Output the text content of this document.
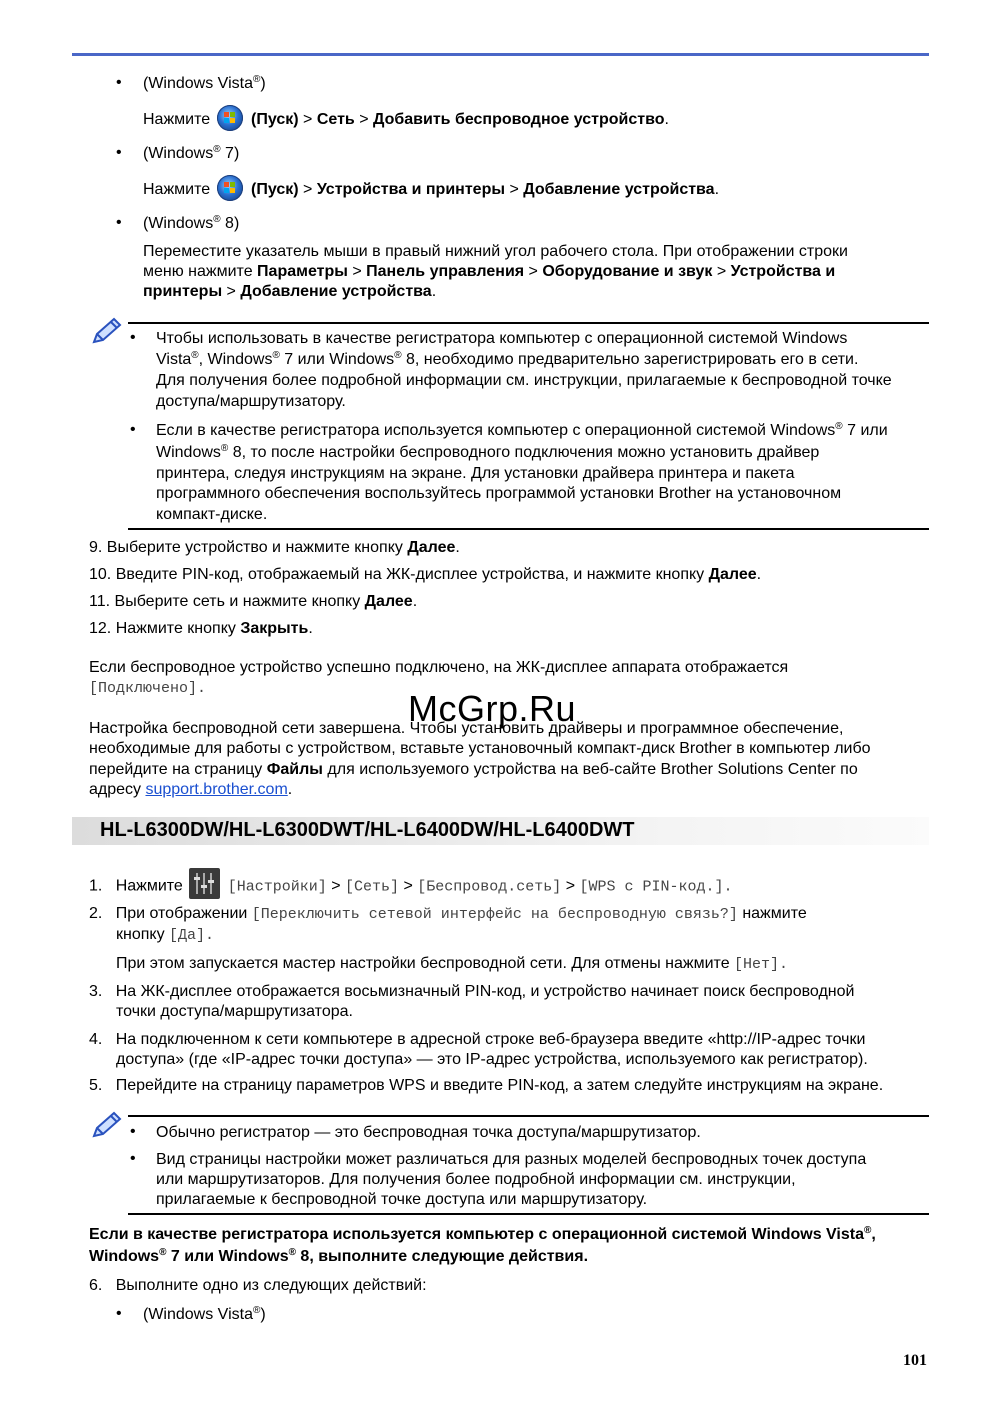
• (Windows Vista®)
Нажмите	(Пуск) > Сеть > Добавить беспроводное устройство.
• (Windows® 7)
Нажмите	(Пуск) > Устройства и принтеры > Добавление устройства.
• (Windows® 8)
Переместите указатель мыши в правый нижний угол рабочего стола. При отображении строки
меню нажмите Параметры > Панель управления > Оборудование и звук > Устройства и
принтеры > Добавление устройства.
• Чтобы использовать в качестве регистратора компьютер с операционной системой Windows
Vista®, Windows® 7 или Windows® 8, необходимо предварительно зарегистрировать его в сети.
Для получения более подробной информации см. инструкции, прилагаемые к беспроводной точке
доступа/маршрутизатору.
• Если в качестве регистратора используется компьютер с операционной системой Windows® 7 или
Windows® 8, то после настройки беспроводного подключения можно установить драйвер
принтера, следуя инструкциям на экране. Для установки драйвера принтера и пакета
программного обеспечения воспользуйтесь программой установки Brother на установочном
компакт-диске.
9. Выберите устройство и нажмите кнопку Далее.
10. Введите PIN-код, отображаемый на ЖК-дисплее устройства, и нажмите кнопку Далее.
11. Выберите сеть и нажмите кнопку Далее.
12. Нажмите кнопку Закрыть.
Если беспроводное устройство успешно подключено, на ЖК-дисплее аппарата отображается
[Подключено].
Настройка беспроводной сети завершена. Чтобы установить драйверы и программное обеспечение,
необходимые для работы с устройством, вставьте установочный компакт-диск Brother в компьютер либо
перейдите на страницу Файлы для используемого устройства на веб-сайте Brother Solutions Center по
адресу support.brother.com.
McGrp.Ru
HL-L6300DW/HL-L6300DWT/HL-L6400DW/HL-L6400DWT
1. Нажмите	[Настройки] > [Сеть] > [Беспровод.сеть] > [WPS с PIN-код.].
2. При отображении [Переключить сетевой интерфейс на беспроводную связь?] нажмите
кнопку [Да].
При этом запускается мастер настройки беспроводной сети. Для отмены нажмите [Нет].
3. На ЖК-дисплее отображается восьмизначный PIN-код, и устройство начинает поиск беспроводной
точки доступа/маршрутизатора.
4. На подключенном к сети компьютере в адресной строке веб-браузера введите «http://IP-адрес точки
доступа» (где «IP-адрес точки доступа» — это IP-адрес устройства, используемого как регистратор).
5. Перейдите на страницу параметров WPS и введите PIN-код, а затем следуйте инструкциям на экране.
• Обычно регистратор — это беспроводная точка доступа/маршрутизатор.
• Вид страницы настройки может различаться для разных моделей беспроводных точек доступа
или маршрутизаторов. Для получения более подробной информации см. инструкции,
прилагаемые к беспроводной точке доступа или маршрутизатору.
Если в качестве регистратора используется компьютер с операционной системой Windows Vista®,
Windows® 7 или Windows® 8, выполните следующие действия.
6. Выполните одно из следующих действий:
• (Windows Vista®)
101
